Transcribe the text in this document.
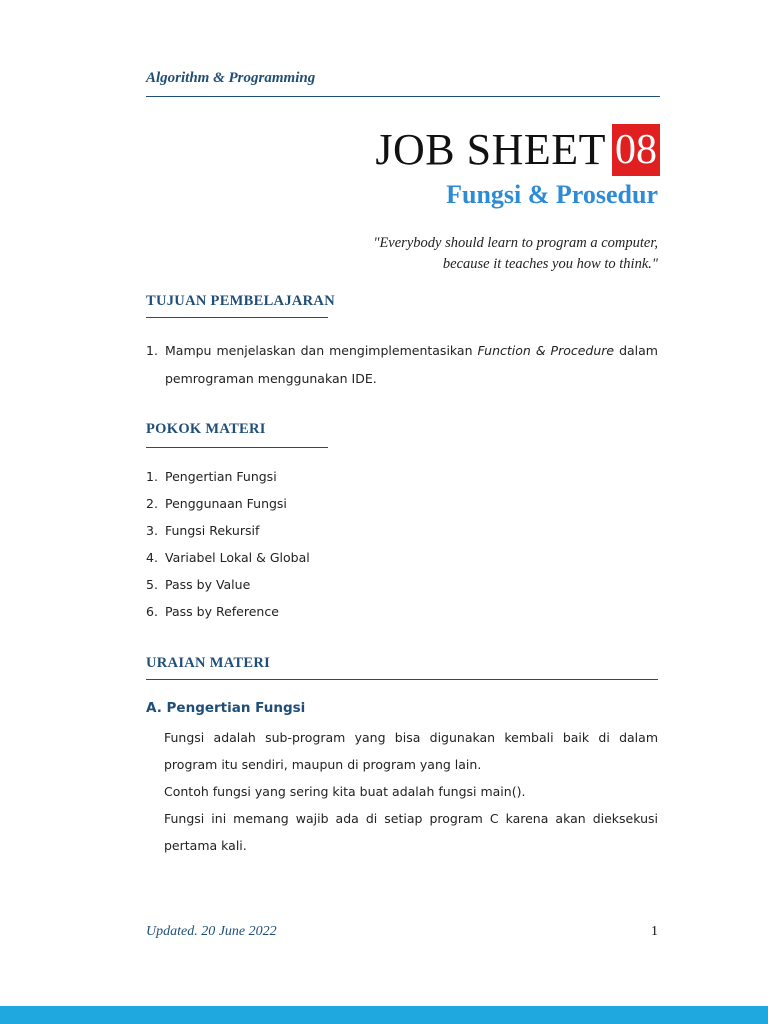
Algorithm & Programming
JOB SHEET 08
Fungsi & Prosedur
"Everybody should learn to program a computer,
because it teaches you how to think."
TUJUAN PEMBELAJARAN
1. Mampu menjelaskan dan mengimplementasikan Function & Procedure dalam pemrograman menggunakan IDE.
POKOK MATERI
1. Pengertian Fungsi
2. Penggunaan Fungsi
3. Fungsi Rekursif
4. Variabel Lokal & Global
5. Pass by Value
6. Pass by Reference
URAIAN MATERI
A. Pengertian Fungsi

Fungsi adalah sub-program yang bisa digunakan kembali baik di dalam program itu sendiri, maupun di program yang lain.

Contoh fungsi yang sering kita buat adalah fungsi main().

Fungsi ini memang wajib ada di setiap program C karena akan dieksekusi pertama kali.

Updated. 20 June 2022	1
